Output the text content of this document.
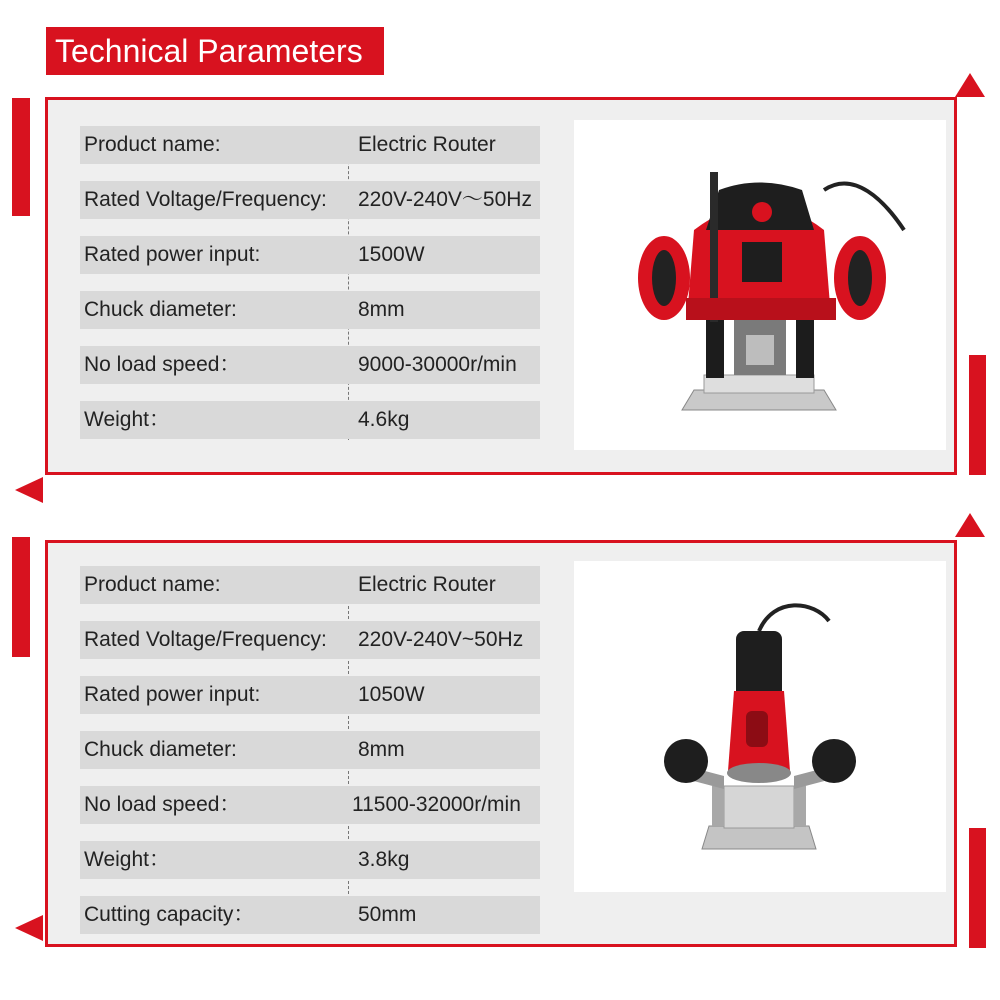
Technical Parameters
Product name:	Electric Router
Rated Voltage/Frequency: 220V-240V〜50Hz
Rated power input:	1500W
Chuck diameter:	8mm
No load speed：	9000-30000r/min
Weight：	4.6kg
Product name:	Electric Router
Rated Voltage/Frequency: 220V-240V~50Hz
Rated power input:	1050W
Chuck diameter:	8mm
No load speed：	11500-32000r/min
Weight：	3.8kg
Cutting capacity：	50mm
